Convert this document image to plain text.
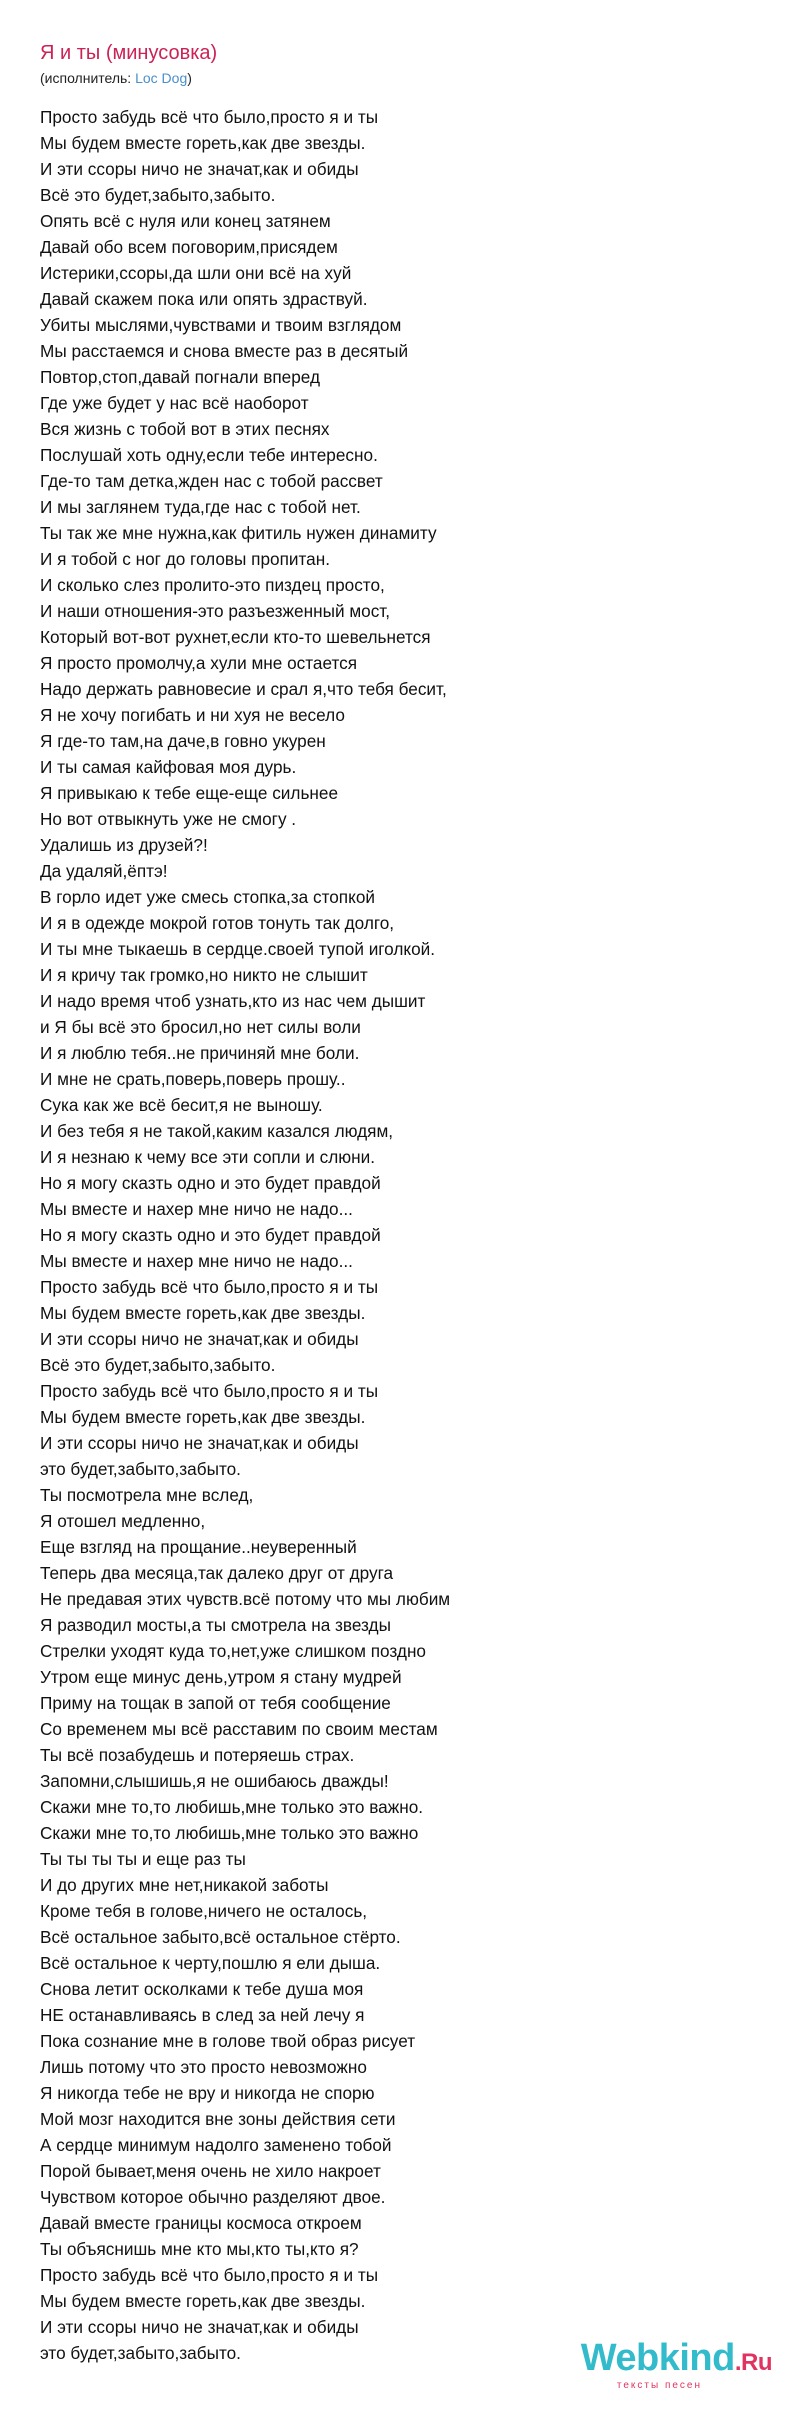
Я и ты (минусовка)
(исполнитель: Loc Dog)
Просто забудь всё что было,просто я и ты
Мы будем вместе гореть,как две звезды.
И эти ссоры ничо не значат,как и обиды
Всё это будет,забыто,забыто.
Опять всё с нуля или конец затянем
Давай обо всем поговорим,присядем
Истерики,ссоры,да шли они всё на хуй
Давай скажем пока или опять здраствуй.
Убиты мыслями,чувствами и твоим взглядом
Мы расстаемся и снова вместе раз в десятый
Повтор,стоп,давай погнали вперед
Где уже будет у нас всё наоборот
Вся жизнь с тобой вот в этих песнях
Послушай хоть одну,если тебе интересно.
Где-то там детка,жден нас с тобой рассвет
И мы заглянем туда,где нас с тобой нет.
Ты так же мне нужна,как фитиль нужен динамиту
И я тобой с ног до головы пропитан.
И сколько слез пролито-это пиздец просто,
И наши отношения-это разъезженный мост,
Который вот-вот рухнет,если кто-то шевельнется
Я просто промолчу,а хули мне остается
Надо держать равновесие и срал я,что тебя бесит,
Я не хочу погибать и ни хуя не весело
Я где-то там,на даче,в говно укурен
И ты самая кайфовая моя дурь.
Я привыкаю к тебе еще-еще сильнее
Но вот отвыкнуть уже не смогу .
Удалишь из друзей?!
Да удаляй,ёптэ!
В горло идет уже смесь стопка,за стопкой
И я в одежде мокрой готов тонуть так долго,
И ты мне тыкаешь в сердце.своей тупой иголкой.
И я кричу так громко,но никто не слышит
И надо время чтоб узнать,кто из нас чем дышит
и Я бы всё это бросил,но нет силы воли
И я люблю тебя..не причиняй мне боли.
И мне не срать,поверь,поверь прошу..
Сука как же всё бесит,я не выношу.
И без тебя я не такой,каким казался людям,
И я незнаю к чему все эти сопли и слюни.
Но я могу сказть одно и это будет правдой
Мы вместе и нахер мне ничо не надо...
Но я могу сказть одно и это будет правдой
Мы вместе и нахер мне ничо не надо...
Просто забудь всё что было,просто я и ты
Мы будем вместе гореть,как две звезды.
И эти ссоры ничо не значат,как и обиды
Всё это будет,забыто,забыто.
Просто забудь всё что было,просто я и ты
Мы будем вместе гореть,как две звезды.
И эти ссоры ничо не значат,как и обиды
это будет,забыто,забыто.
Ты посмотрела мне вслед,
Я отошел медленно,
Еще взгляд на прощание..неуверенный
Теперь два месяца,так далеко друг от друга
Не предавая этих чувств.всё потому что мы любим
Я разводил мосты,а ты смотрела на звезды
Стрелки уходят куда то,нет,уже слишком поздно
Утром еще минус день,утром я стану мудрей
Приму на тощак в запой от тебя сообщение
Со временем мы всё расставим по своим местам
Ты всё позабудешь и потеряешь страх.
Запомни,слышишь,я не ошибаюсь дважды!
Скажи мне то,то любишь,мне только это важно.
Скажи мне то,то любишь,мне только это важно
Ты ты ты ты и еще раз ты
И до других мне нет,никакой заботы
Кроме тебя в голове,ничего не осталось,
Всё остальное забыто,всё остальное стёрто.
Всё остальное к черту,пошлю я ели дыша.
Снова летит осколками к тебе душа моя
НЕ останавливаясь в след за ней лечу я
Пока сознание мне в голове твой образ рисует
Лишь потому что это просто невозможно
Я никогда тебе не вру и никогда не спорю
Мой мозг находится вне зоны действия сети
А сердце минимум надолго заменено тобой
Порой бывает,меня очень не хило накроет
Чувством которое обычно разделяют двое.
Давай вместе границы космоса откроем
Ты объяснишь мне кто мы,кто ты,кто я?
Просто забудь всё что было,просто я и ты
Мы будем вместе гореть,как две звезды.
И эти ссоры ничо не значат,как и обиды
это будет,забыто,забыто.	Webkind.Ru
тексты песен
